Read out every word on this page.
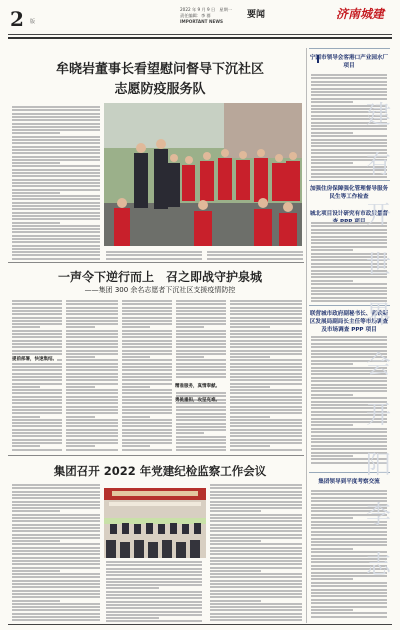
2 版
2022 年 9 月 9 日　星期一
责任编辑：李 群
IMPORTANT NEWS
要闻	济南城建
牟晓岩董事长看望慰问督导下沉社区
志愿防疫服务队
一声令下逆行而上　召之即战守护泉城
——集团 300 余名志愿者下沉社区支援疫情防控
精准服务，真情奉献。
勇挑重担，攻坚克难。
集团召开 2022 年党建纪检监察工作会议
宁国市领导会客港口产业园水厂项目
加强住房保障强化管理督导服务民生等工作检查
城北项目设计研究有市政质量督
联营城市政府副秘书长、高铁新区发展局副局长主任等市场调查及市场调查 PPP 项目
集团领导到平度考察交流
建
有
开
世
界
会
开
阳
李
志
提前部署，快速集结。
